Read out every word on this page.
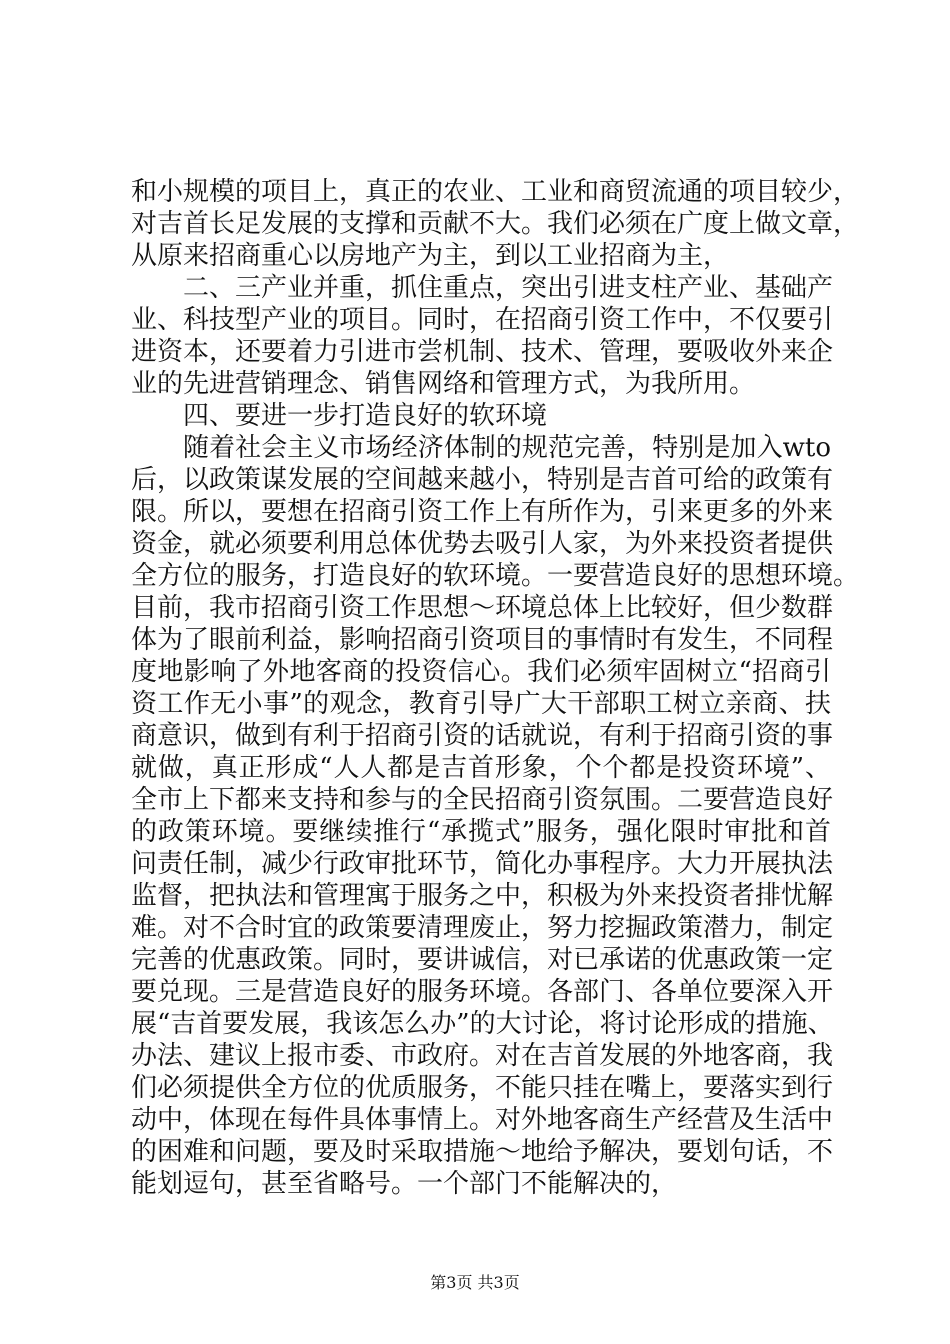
和小规模的项目上，真正的农业、工业和商贸流通的项目较少，
对吉首长足发展的支撑和贡献不大。我们必须在广度上做文章，
从原来招商重心以房地产为主，到以工业招商为主，
二、三产业并重，抓住重点，突出引进支柱产业、基础产
业、科技型产业的项目。同时，在招商引资工作中，不仅要引
进资本，还要着力引进市尝机制、技术、管理，要吸收外来企
业的先进营销理念、销售网络和管理方式，为我所用。
四、要进一步打造良好的软环境
随着社会主义市场经济体制的规范完善，特别是加入wto
后，以政策谋发展的空间越来越小，特别是吉首可给的政策有
限。所以，要想在招商引资工作上有所作为，引来更多的外来
资金，就必须要利用总体优势去吸引人家，为外来投资者提供
全方位的服务，打造良好的软环境。一要营造良好的思想环境。
目前，我市招商引资工作思想～环境总体上比较好，但少数群
体为了眼前利益，影响招商引资项目的事情时有发生，不同程
度地影响了外地客商的投资信心。我们必须牢固树立“招商引
资工作无小事”的观念，教育引导广大干部职工树立亲商、扶
商意识，做到有利于招商引资的话就说，有利于招商引资的事
就做，真正形成“人人都是吉首形象，个个都是投资环境”、
全市上下都来支持和参与的全民招商引资氛围。二要营造良好
的政策环境。要继续推行“承揽式”服务，强化限时审批和首
问责任制，减少行政审批环节，简化办事程序。大力开展执法
监督，把执法和管理寓于服务之中，积极为外来投资者排忧解
难。对不合时宜的政策要清理废止，努力挖掘政策潜力，制定
完善的优惠政策。同时，要讲诚信，对已承诺的优惠政策一定
要兑现。三是营造良好的服务环境。各部门、各单位要深入开
展“吉首要发展，我该怎么办”的大讨论，将讨论形成的措施、
办法、建议上报市委、市政府。对在吉首发展的外地客商，我
们必须提供全方位的优质服务，不能只挂在嘴上，要落实到行
动中，体现在每件具体事情上。对外地客商生产经营及生活中
的困难和问题，要及时采取措施～地给予解决，要划句话，不
能划逗句，甚至省略号。一个部门不能解决的，
第3页 共3页
